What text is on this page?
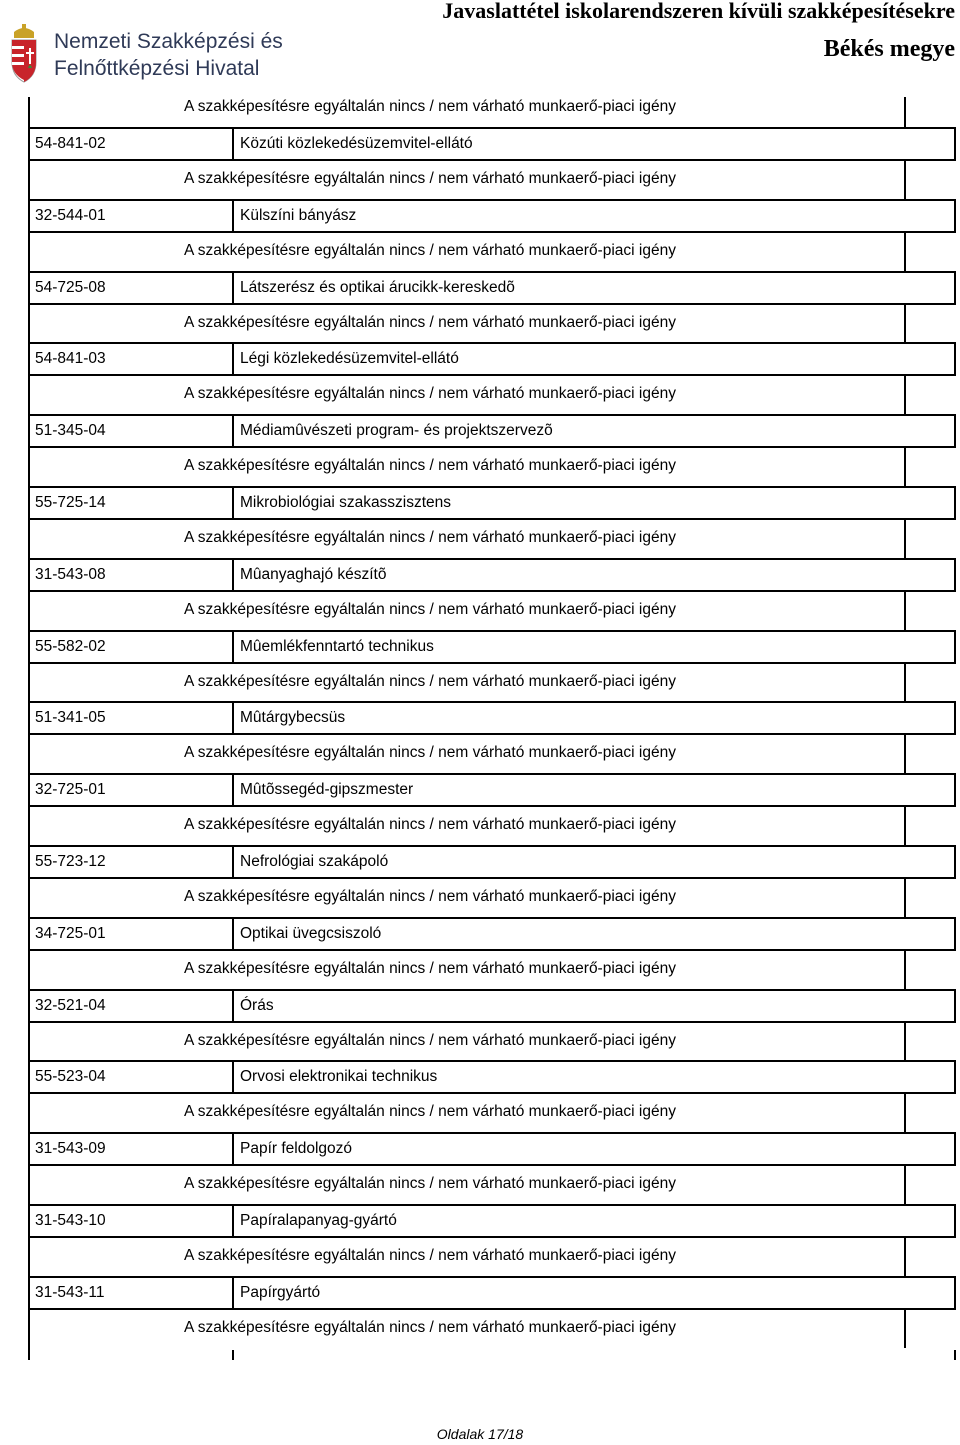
Nemzeti Szakképzési és
Felnőttképzési Hivatal
Javaslattétel iskolarendszeren kívüli szakképesítésekre
Békés megye
A szakképesítésre egyáltalán nincs / nem várható munkaerő-piaci igény
54-841-02	Közúti közlekedésüzemvitel-ellátó
A szakképesítésre egyáltalán nincs / nem várható munkaerő-piaci igény
32-544-01	Külszíni bányász
A szakképesítésre egyáltalán nincs / nem várható munkaerő-piaci igény
54-725-08	Látszerész és optikai árucikk-kereskedõ
A szakképesítésre egyáltalán nincs / nem várható munkaerő-piaci igény
54-841-03	Légi közlekedésüzemvitel-ellátó
A szakképesítésre egyáltalán nincs / nem várható munkaerő-piaci igény
51-345-04	Médiamûvészeti program- és projektszervezõ
A szakképesítésre egyáltalán nincs / nem várható munkaerő-piaci igény
55-725-14	Mikrobiológiai szakasszisztens
A szakképesítésre egyáltalán nincs / nem várható munkaerő-piaci igény
31-543-08	Mûanyaghajó készítõ
A szakképesítésre egyáltalán nincs / nem várható munkaerő-piaci igény
55-582-02	Mûemlékfenntartó technikus
A szakképesítésre egyáltalán nincs / nem várható munkaerő-piaci igény
51-341-05	Mûtárgybecsüs
A szakképesítésre egyáltalán nincs / nem várható munkaerő-piaci igény
32-725-01	Mûtõssegéd-gipszmester
A szakképesítésre egyáltalán nincs / nem várható munkaerő-piaci igény
55-723-12	Nefrológiai szakápoló
A szakképesítésre egyáltalán nincs / nem várható munkaerő-piaci igény
34-725-01	Optikai üvegcsiszoló
A szakképesítésre egyáltalán nincs / nem várható munkaerő-piaci igény
32-521-04	Órás
A szakképesítésre egyáltalán nincs / nem várható munkaerő-piaci igény
55-523-04	Orvosi elektronikai technikus
A szakképesítésre egyáltalán nincs / nem várható munkaerő-piaci igény
31-543-09	Papír feldolgozó
A szakképesítésre egyáltalán nincs / nem várható munkaerő-piaci igény
31-543-10	Papíralapanyag-gyártó
A szakképesítésre egyáltalán nincs / nem várható munkaerő-piaci igény
31-543-11	Papírgyártó
A szakképesítésre egyáltalán nincs / nem várható munkaerő-piaci igény
Oldalak 17/18
